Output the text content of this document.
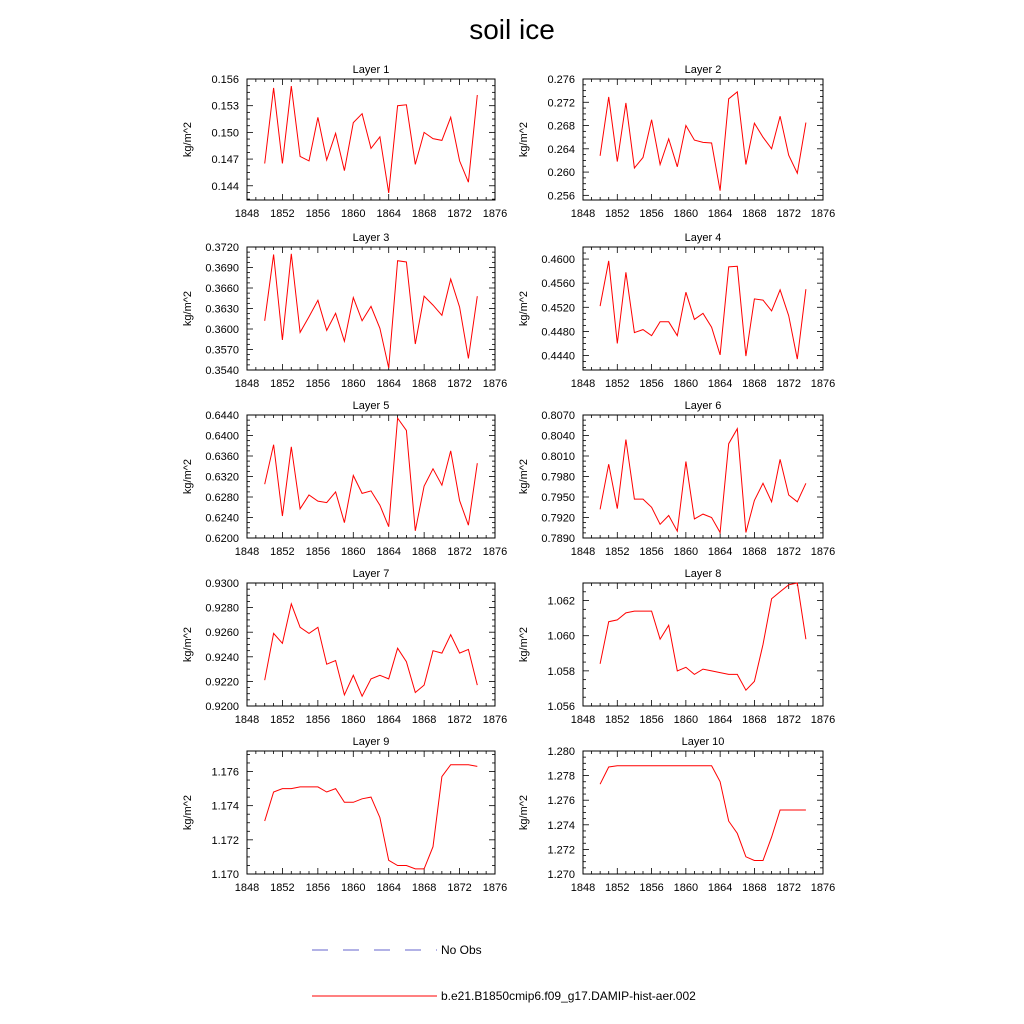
soil ice
Layer 1
1848 1852 1856 1860 1864 1868 1872 1876
0.156
0.153
0.150
0.147
0.144
kg/m^2
Layer 2
1848 1852 1856 1860 1864 1868 1872 1876
0.276
0.272
0.268
0.264
0.260
0.256
kg/m^2
Layer 3
1848 1852 1856 1860 1864 1868 1872 1876
0.3720
0.3690
0.3660
0.3630
0.3600
0.3570
0.3540
kg/m^2
Layer 4
1848 1852 1856 1860 1864 1868 1872 1876
0.4600
0.4560
0.4520
0.4480
0.4440
kg/m^2
Layer 5
1848 1852 1856 1860 1864 1868 1872 1876
0.6440
0.6400
0.6360
0.6320
0.6280
0.6240
0.6200
kg/m^2
Layer 6
1848 1852 1856 1860 1864 1868 1872 1876
0.8070
0.8040
0.8010
0.7980
0.7950
0.7920
0.7890
kg/m^2
Layer 7
1848 1852 1856 1860 1864 1868 1872 1876
0.9300
0.9280
0.9260
0.9240
0.9220
0.9200
kg/m^2
Layer 8
1848 1852 1856 1860 1864 1868 1872 1876
1.062
1.060
1.058
1.056
kg/m^2
Layer 9
1848 1852 1856 1860 1864 1868 1872 1876
1.176
1.174
1.172
1.170
kg/m^2
Layer 10
1848 1852 1856 1860 1864 1868 1872 1876
1.280
1.278
1.276
1.274
1.272
1.270
kg/m^2
No Obs
b.e21.B1850cmip6.f09_g17.DAMIP-hist-aer.002
